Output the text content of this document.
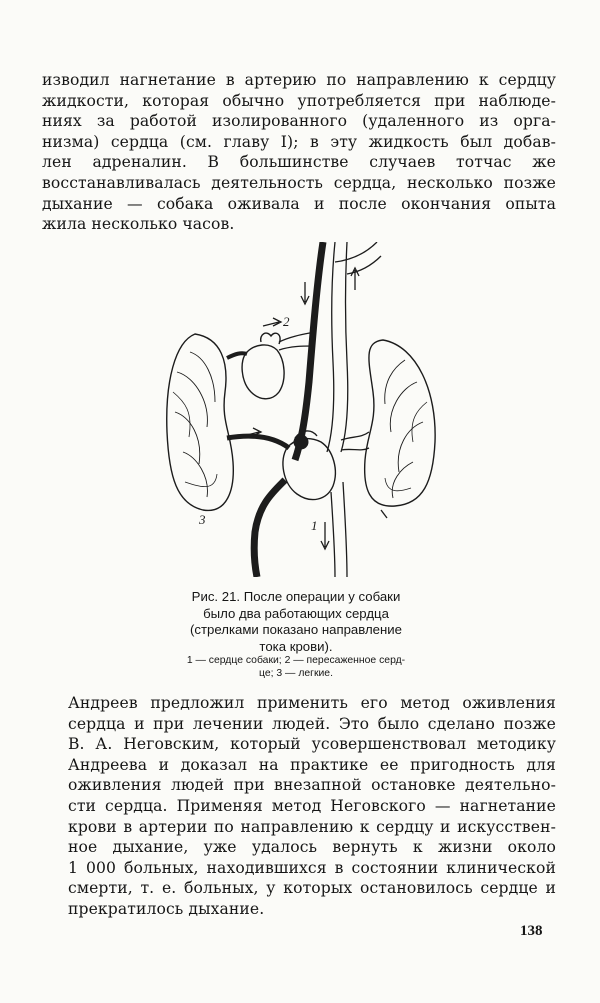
изводил нагнетание в артерию по направлению к сердцу
жидкости, которая обычно употребляется при наблюде-
ниях за работой изолированного (удаленного из орга-
низма) сердца (см. главу I); в эту жидкость был добав-
лен адреналин. В большинстве случаев тотчас же
восстанавливалась деятельность сердца, несколько позже
дыхание — собака оживала и после окончания опыта
жила несколько часов.
2
1
3
Рис. 21. После операции у собаки
было два работающих сердца
(стрелками показано направление
тока крови).
1 — сердце собаки; 2 — пересаженное серд-
це; 3 — легкие.
Андреев предложил применить его метод оживления
сердца и при лечении людей. Это было сделано позже
В. А. Неговским, который усовершенствовал методику
Андреева и доказал на практике ее пригодность для
оживления людей при внезапной остановке деятельно-
сти сердца. Применяя метод Неговского — нагнетание
крови в артерии по направлению к сердцу и искусствен-
ное дыхание, уже удалось вернуть к жизни около
1 000 больных, находившихся в состоянии клинической
смерти, т. е. больных, у которых остановилось сердце и
прекратилось дыхание.
138
